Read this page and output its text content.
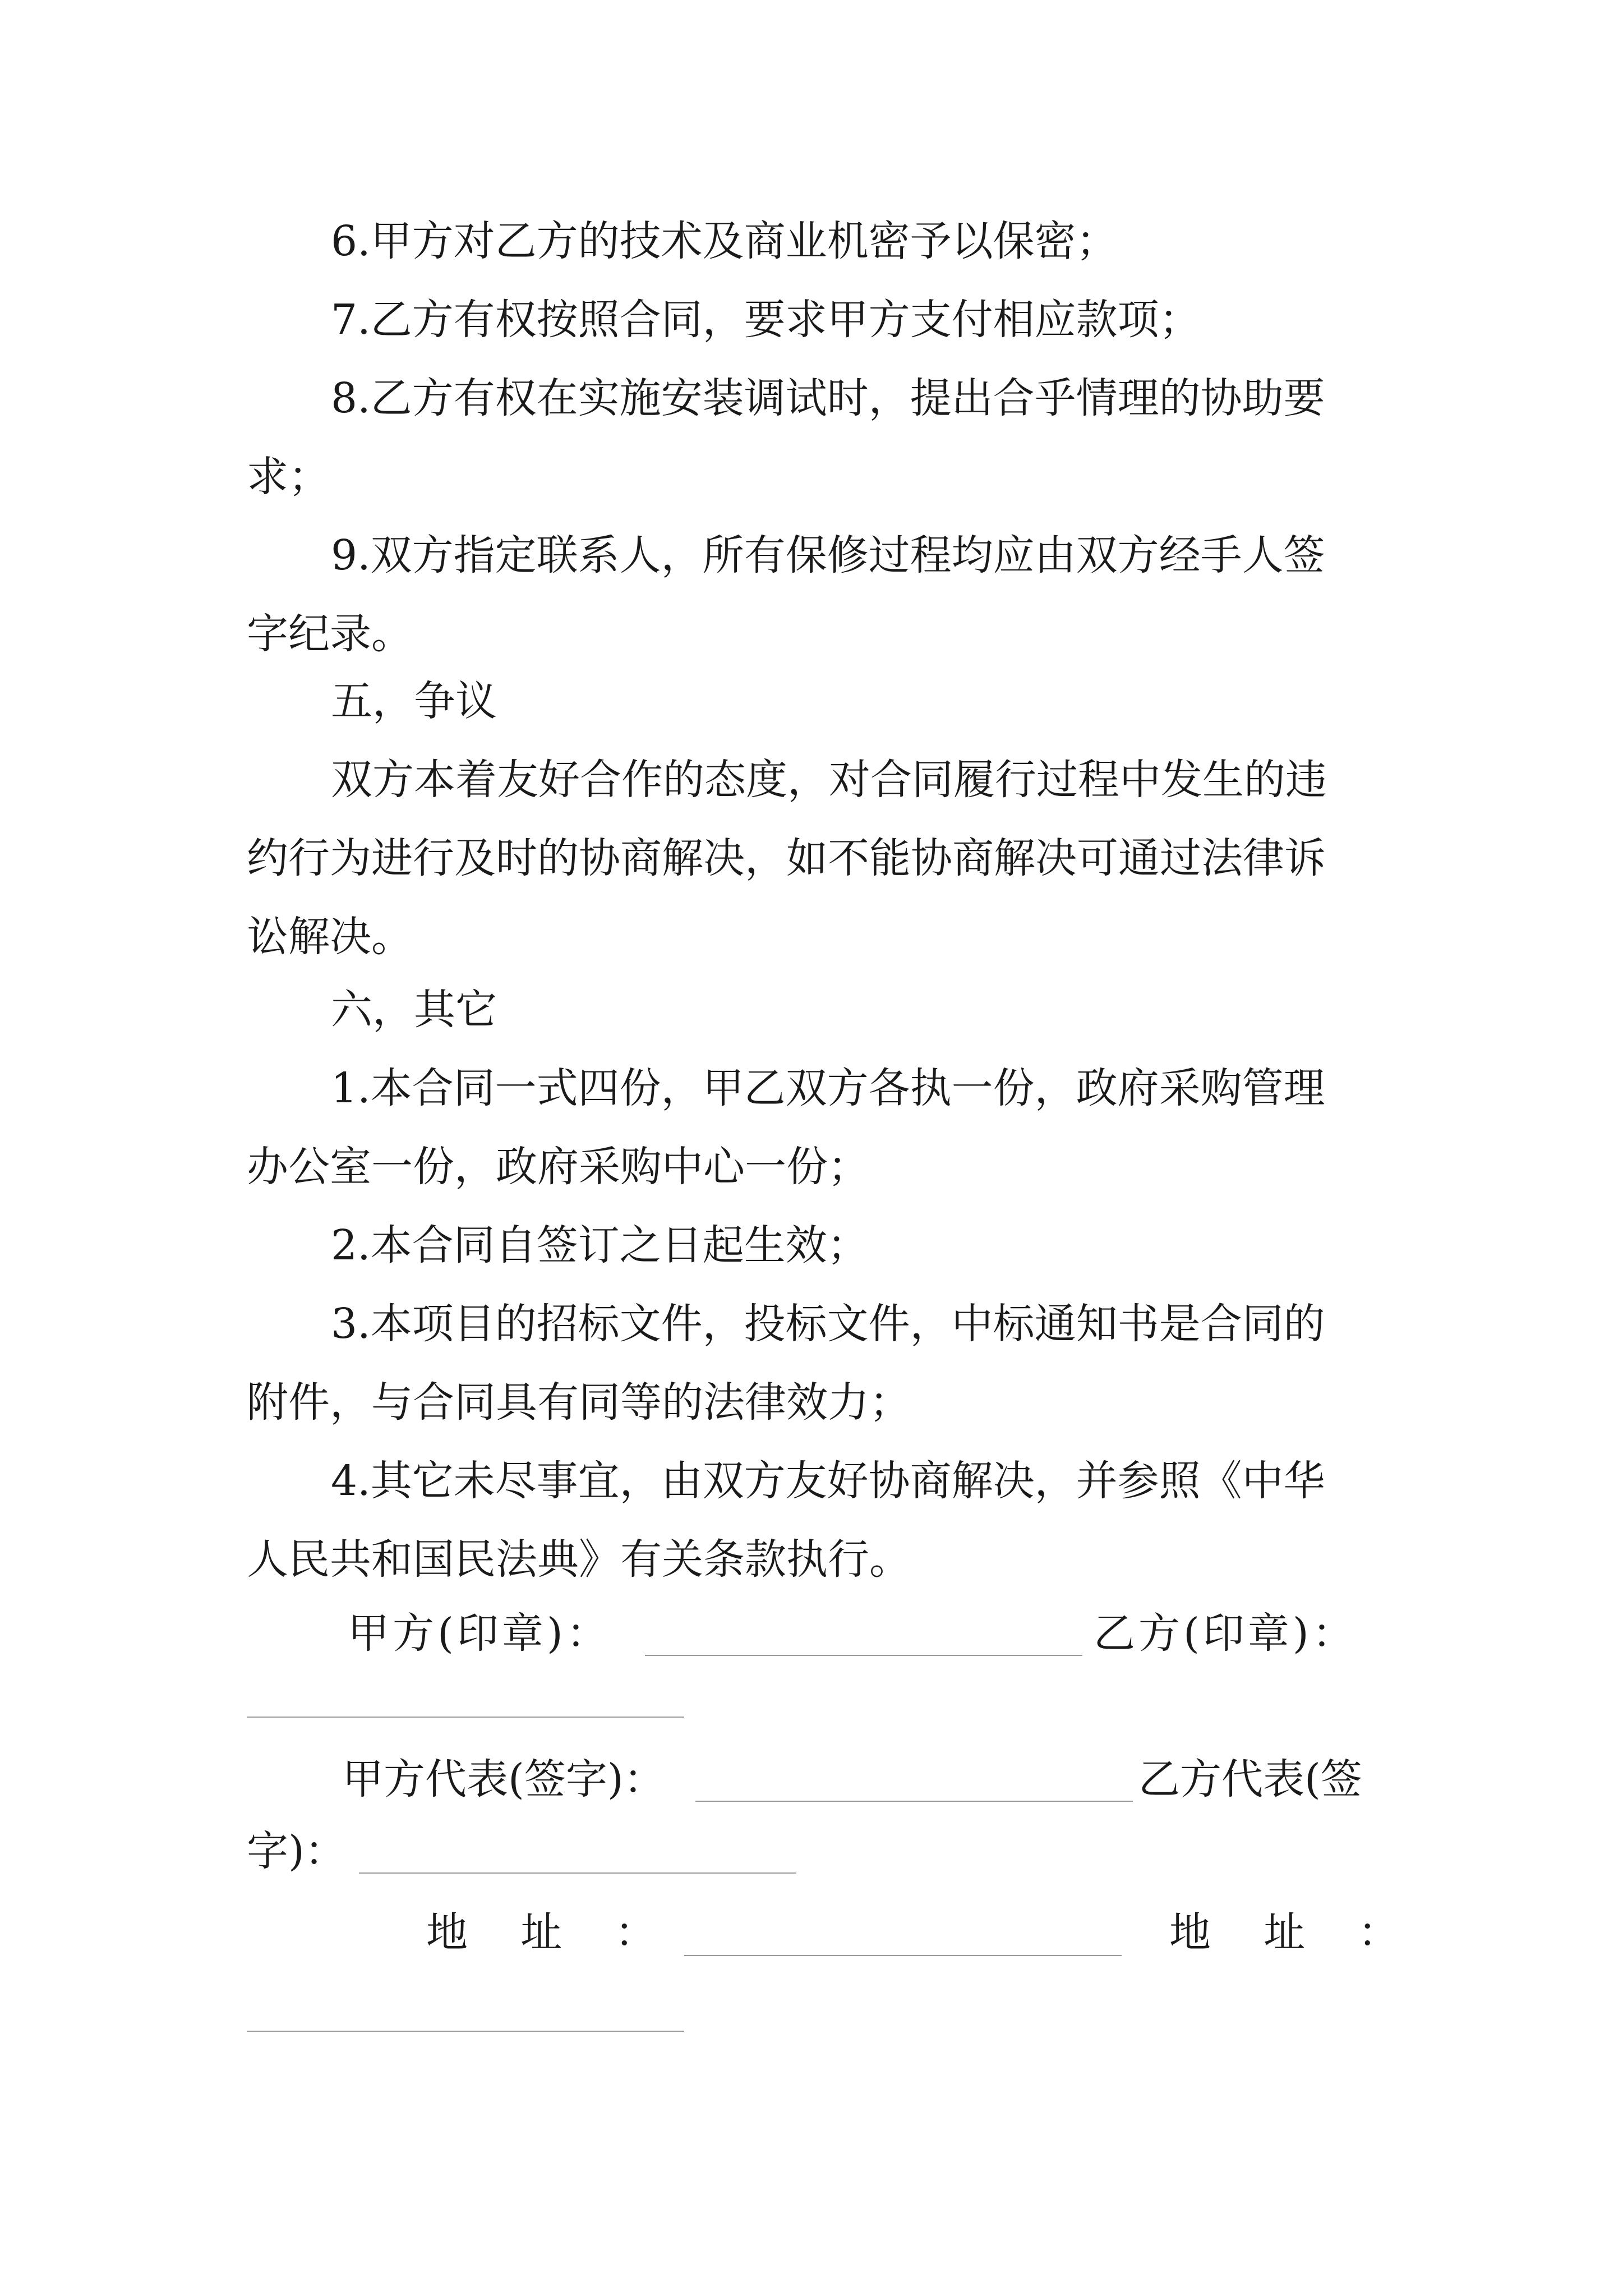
6.甲方对乙方的技术及商业机密予以保密；
7.乙方有权按照合同，要求甲方支付相应款项；
8.乙方有权在实施安装调试时，提出合乎情理的协助要
求；
9.双方指定联系人，所有保修过程均应由双方经手人签
字纪录。
五，争议
双方本着友好合作的态度，对合同履行过程中发生的违
约行为进行及时的协商解决，如不能协商解决可通过法律诉
讼解决。
六，其它
1.本合同一式四份，甲乙双方各执一份，政府采购管理
办公室一份，政府采购中心一份；
2.本合同自签订之日起生效；
3.本项目的招标文件，投标文件，中标通知书是合同的
附件，与合同具有同等的法律效力；
4.其它未尽事宜，由双方友好协商解决，并参照《中华
人民共和国民法典》有关条款执行。
甲方(印章)：	乙方(印章)：
甲方代表(签字)：	乙方代表(签
字)：
地    址    ：	地    址    ：
